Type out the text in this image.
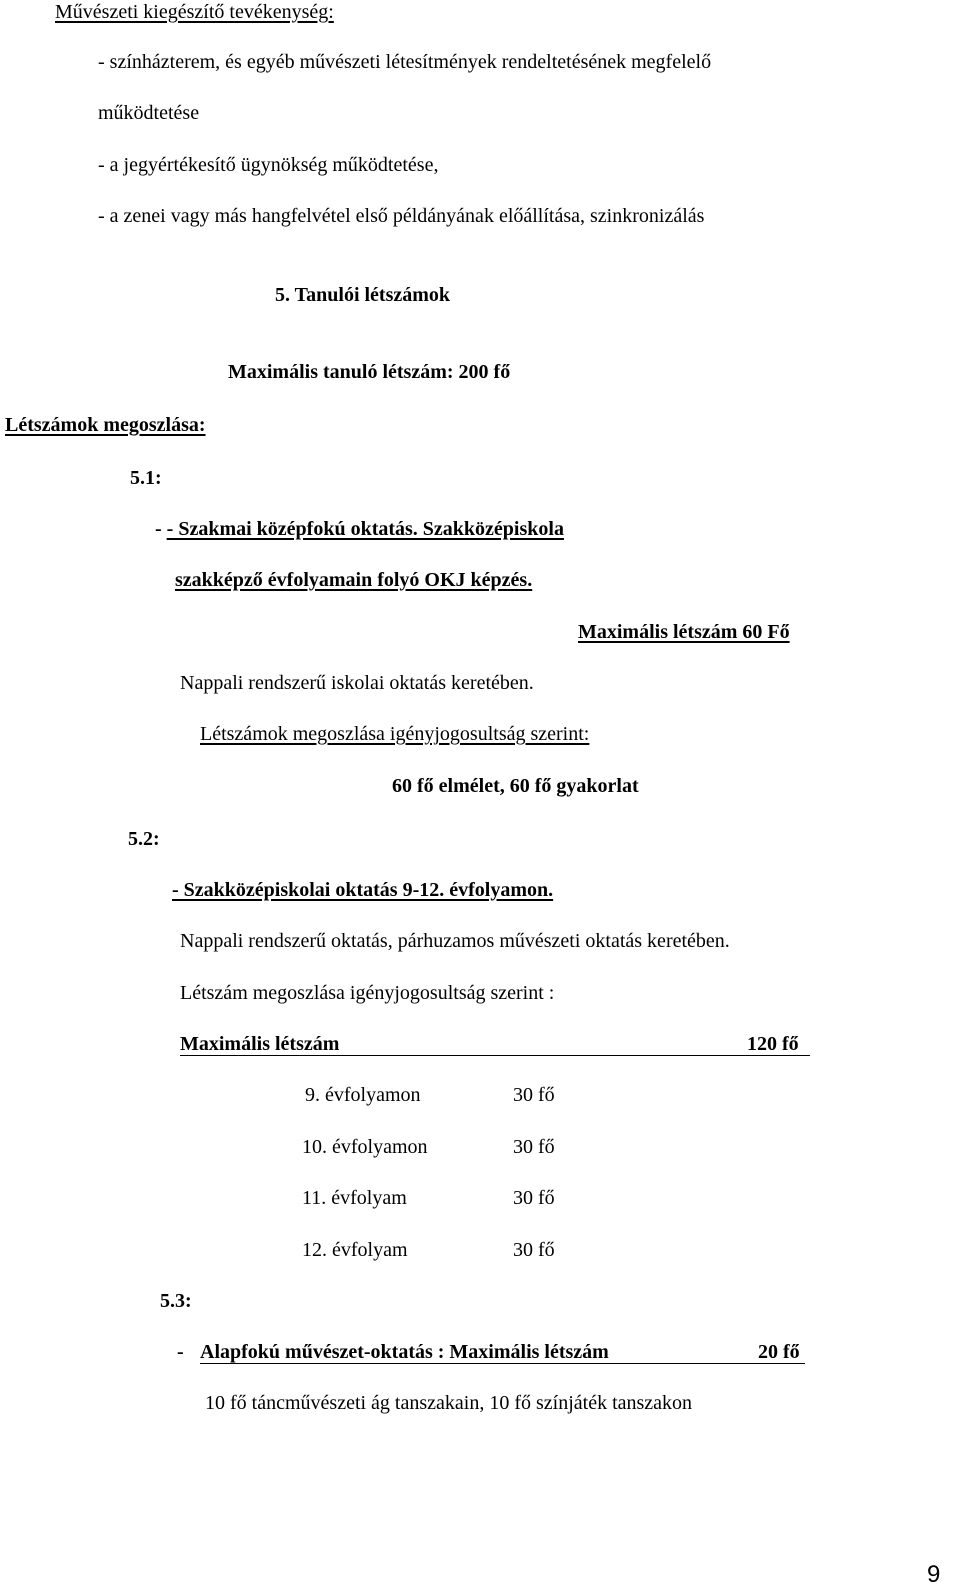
Művészeti kiegészítő tevékenység:
- színházterem, és egyéb művészeti létesítmények rendeltetésének megfelelő
működtetése
- a jegyértékesítő ügynökség működtetése,
- a zenei vagy más hangfelvétel első példányának előállítása, szinkronizálás
5. Tanulói létszámok
Maximális tanuló létszám: 200 fő
Létszámok megoszlása:
5.1:
- - Szakmai középfokú oktatás. Szakközépiskola
szakképző évfolyamain folyó OKJ képzés.
Maximális létszám 60 Fő
Nappali rendszerű iskolai oktatás keretében.
Létszámok megoszlása igényjogosultság szerint:
60 fő elmélet, 60 fő gyakorlat
5.2:
- Szakközépiskolai oktatás 9-12. évfolyamon.
Nappali rendszerű oktatás, párhuzamos művészeti oktatás keretében.
Létszám megoszlása igényjogosultság szerint :
Maximális létszám	120 fő
9. évfolyamon	30 fő
10. évfolyamon	30 fő
11. évfolyam	30 fő
12. évfolyam	30 fő
5.3:
- Alapfokú művészet-oktatás : Maximális létszám	20 fő
10 fő táncművészeti ág tanszakain, 10 fő színjáték tanszakon
9
